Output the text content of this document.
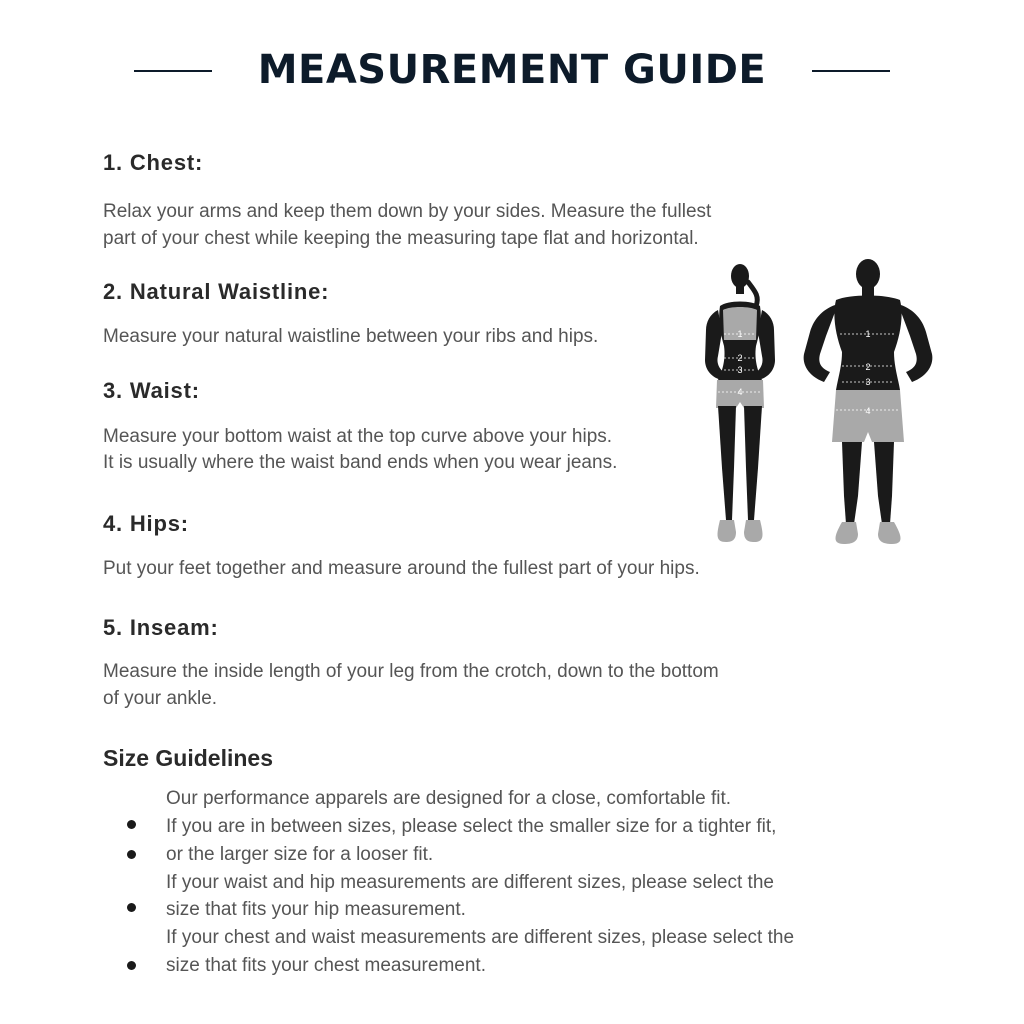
MEASUREMENT GUIDE
1. Chest:
Relax your arms and keep them down by your sides. Measure the fullest
part of your chest while keeping the measuring tape flat and horizontal.
2. Natural Waistline:
Measure your natural waistline between your ribs and hips.
3. Waist:
Measure your bottom waist at the top curve above your hips.
It is usually where the waist band ends when you wear jeans.
4. Hips:
Put your feet together and measure around the fullest part of your hips.
5. Inseam:
Measure the inside length of your leg from the crotch, down to the bottom
of your ankle.
Size Guidelines
Our performance apparels are designed for a close, comfortable fit.
If you are in between sizes, please select the smaller size for a tighter fit,
or the larger size for a looser fit.
If your waist and hip measurements are different sizes, please select the
size that fits your hip measurement.
If your chest and waist measurements are different sizes, please select the
size that fits your chest measurement.
1
2
3
4
1
2
3
4
